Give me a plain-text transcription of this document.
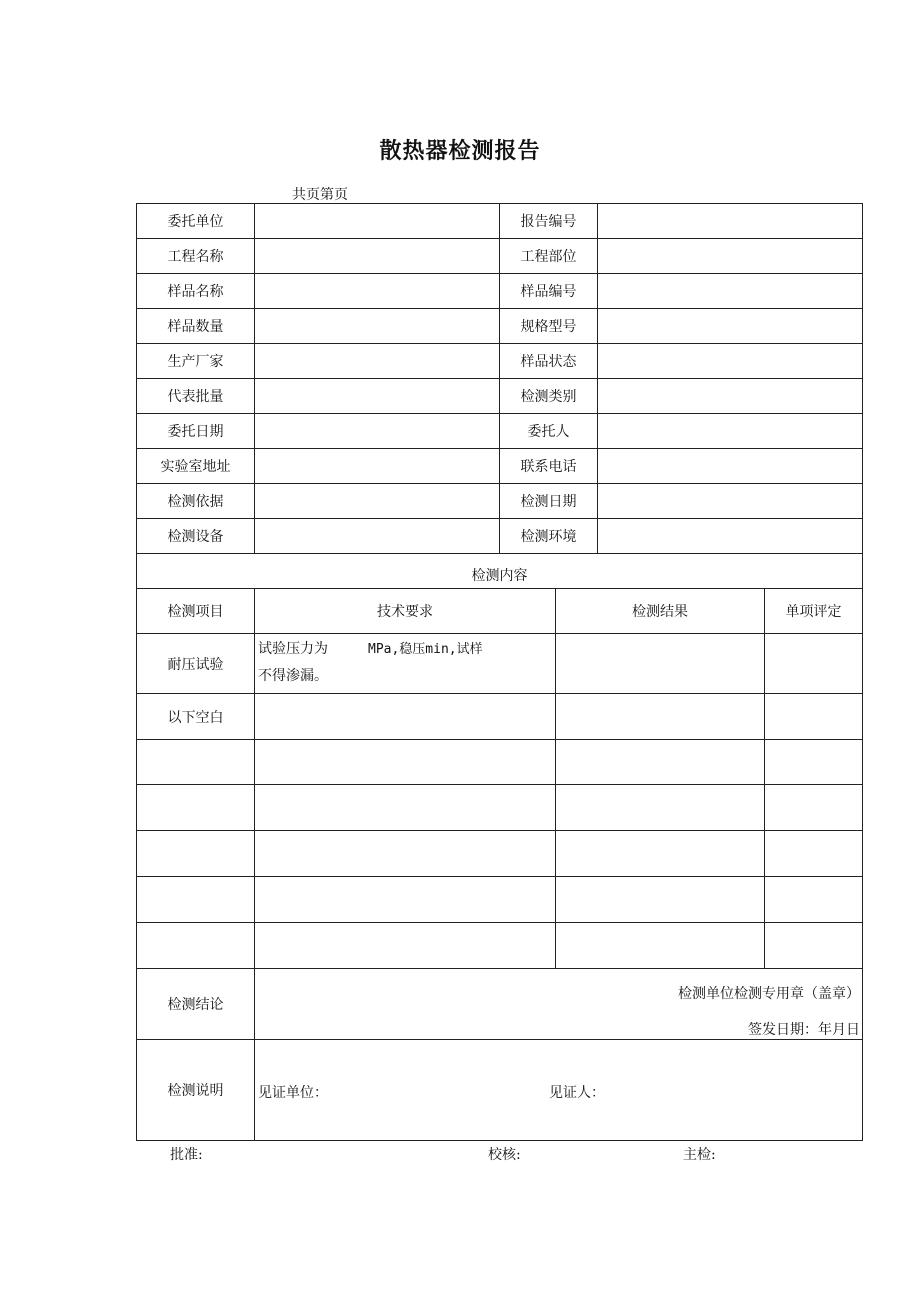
散热器检测报告
共页第页
委托单位		报告编号			
工程名称		工程部位			
样品名称		样品编号			
样品数量		规格型号			
生产厂家		样品状态			
代表批量		检测类别			
委托日期		委托人			
实验室地址		联系电话			
检测依据		检测日期			
检测设备		检测环境			
检测内容					
检测项目	技术要求		检测结果		单项评定
耐压试验	试验压力为 MPa,稳压min,试样
不得渗漏。				

以下空白					

检测结论	检测单位检测专用章（盖章）
签发日期：年月日				

检测说明	见证单位： 见证人：				
批准:	校核:	主检:
